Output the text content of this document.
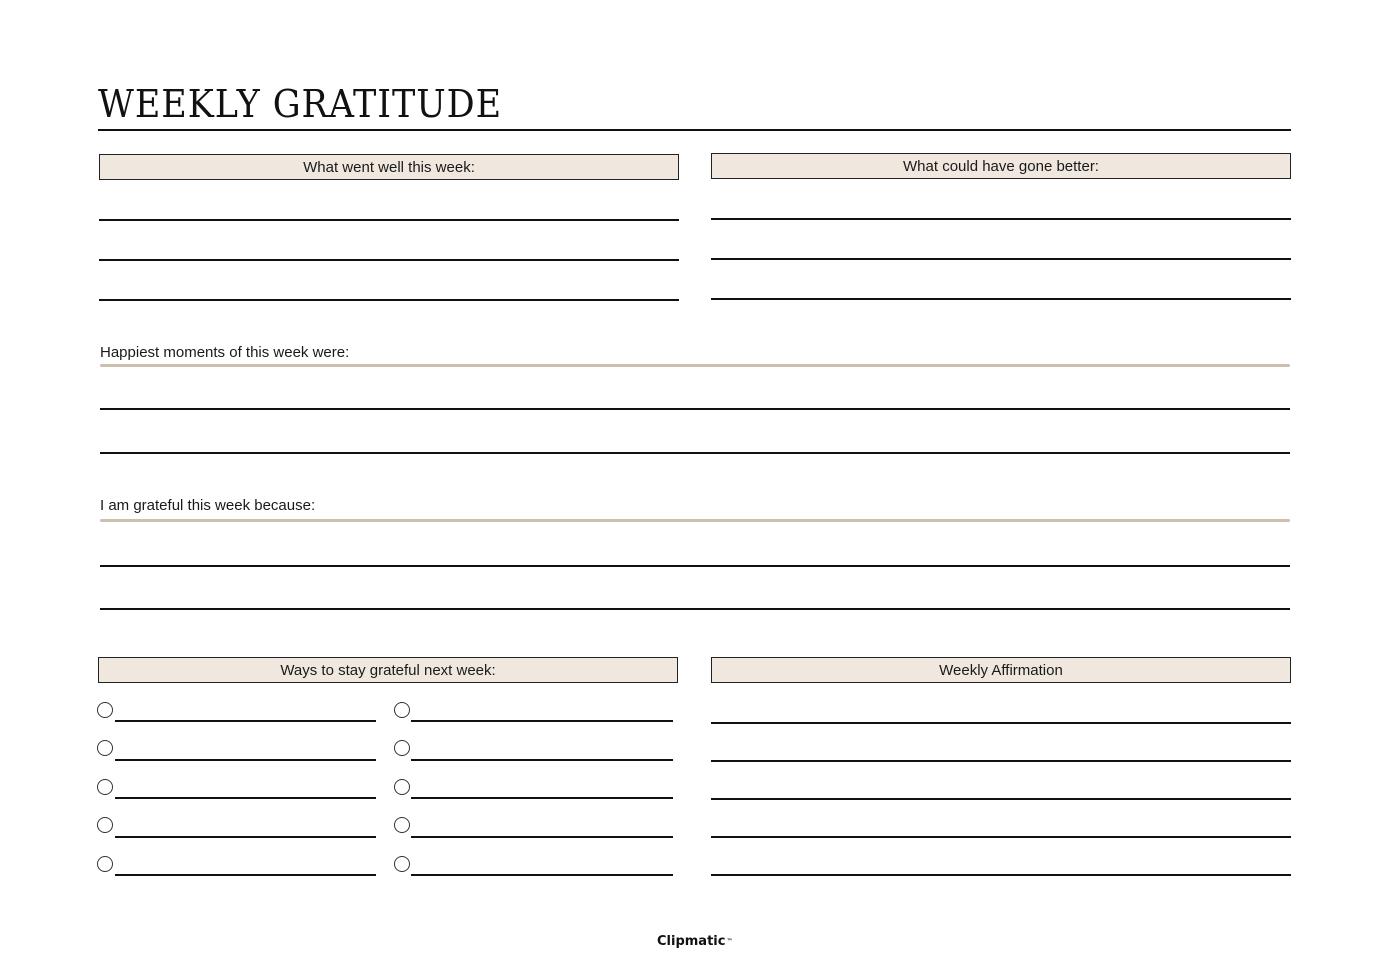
WEEKLY GRATITUDE
What went well this week:	What could have gone better:
Happiest moments of this week were:
I am grateful this week because:
Ways to stay grateful next week:	Weekly Affirmation
Clipmatic ™
